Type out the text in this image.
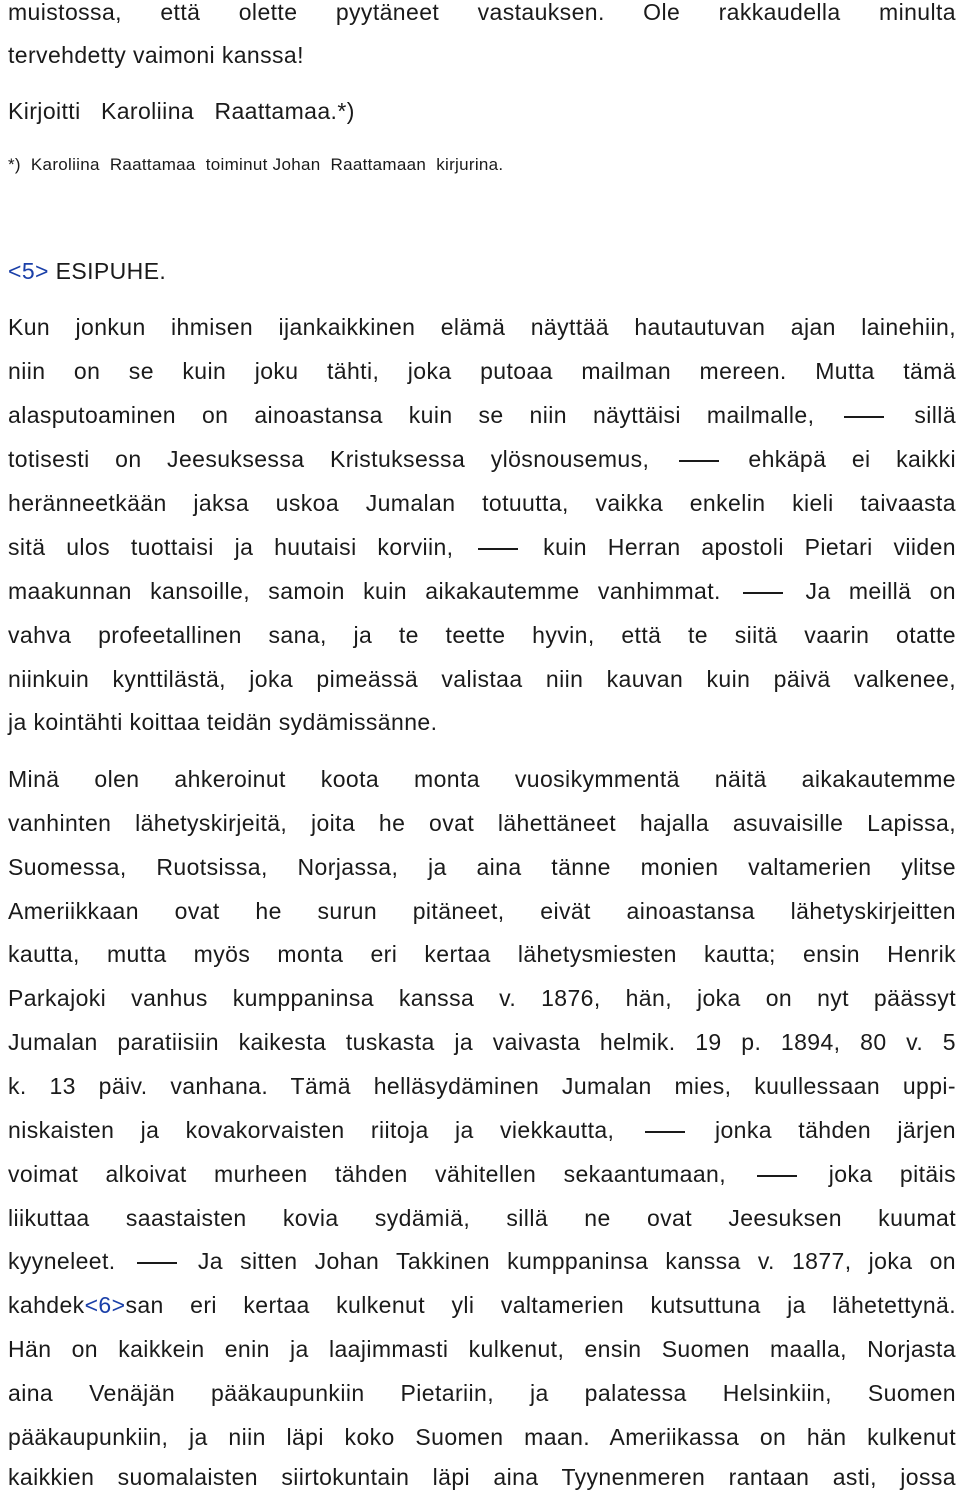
muistossa, että olette pyytäneet vastauksen. Ole rakkaudella minulta
tervehdetty vaimoni kanssa!
Kirjoitti   Karoliina   Raattamaa.*)
*)  Karoliina  Raattamaa  toiminut Johan  Raattamaan  kirjurina.
<5> ESIPUHE.
Kun jonkun ihmisen ijankaikkinen elämä näyttää hautautuvan ajan lainehiin,
niin on se kuin joku tähti, joka putoaa mailman mereen. Mutta tämä
alasputoaminen on ainoastansa kuin se niin näyttäisi mailmalle,	sillä
totisesti on Jeesuksessa Kristuksessa ylösnousemus,	ehkäpä ei kaikki
heränneetkään jaksa uskoa Jumalan totuutta, vaikka enkelin kieli taivaasta
sitä ulos tuottaisi ja huutaisi korviin,	kuin Herran apostoli Pietari viiden
maakunnan kansoille, samoin kuin aikakautemme vanhimmat.	Ja meillä on
vahva profeetallinen sana, ja te teette hyvin, että te siitä vaarin otatte
niinkuin kynttilästä, joka pimeässä valistaa niin kauvan kuin päivä valkenee,
ja kointähti koittaa teidän sydämissänne.
Minä olen ahkeroinut koota monta vuosikymmentä näitä aikakautemme
vanhinten lähetyskirjeitä, joita he ovat lähettäneet hajalla asuvaisille Lapissa,
Suomessa, Ruotsissa, Norjassa, ja aina tänne monien valtamerien ylitse
Ameriikkaan ovat he surun pitäneet, eivät ainoastansa lähetyskirjeitten
kautta, mutta myös monta eri kertaa lähetysmiesten kautta; ensin Henrik
Parkajoki vanhus kumppaninsa kanssa v. 1876, hän, joka on nyt päässyt
Jumalan paratiisiin kaikesta tuskasta ja vaivasta helmik. 19 p. 1894, 80 v. 5
k. 13 päiv. vanhana. Tämä helläsydäminen Jumalan mies, kuullessaan uppi-
niskaisten ja kovakorvaisten riitoja ja viekkautta,	jonka tähden järjen
voimat alkoivat murheen tähden vähitellen sekaantumaan,	joka pitäis
liikuttaa saastaisten kovia sydämiä, sillä ne ovat Jeesuksen kuumat
kyyneleet.	Ja sitten Johan Takkinen kumppaninsa kanssa v. 1877, joka on
kahdek<6>san eri kertaa kulkenut yli valtamerien kutsuttuna ja lähetettynä.
Hän on kaikkein enin ja laajimmasti kulkenut, ensin Suomen maalla, Norjasta
aina Venäjän pääkaupunkiin Pietariin, ja palatessa Helsinkiin, Suomen
pääkaupunkiin, ja niin läpi koko Suomen maan. Ameriikassa on hän kulkenut
kaikkien suomalaisten siirtokuntain läpi aina Tyynenmeren rantaan asti, jossa
